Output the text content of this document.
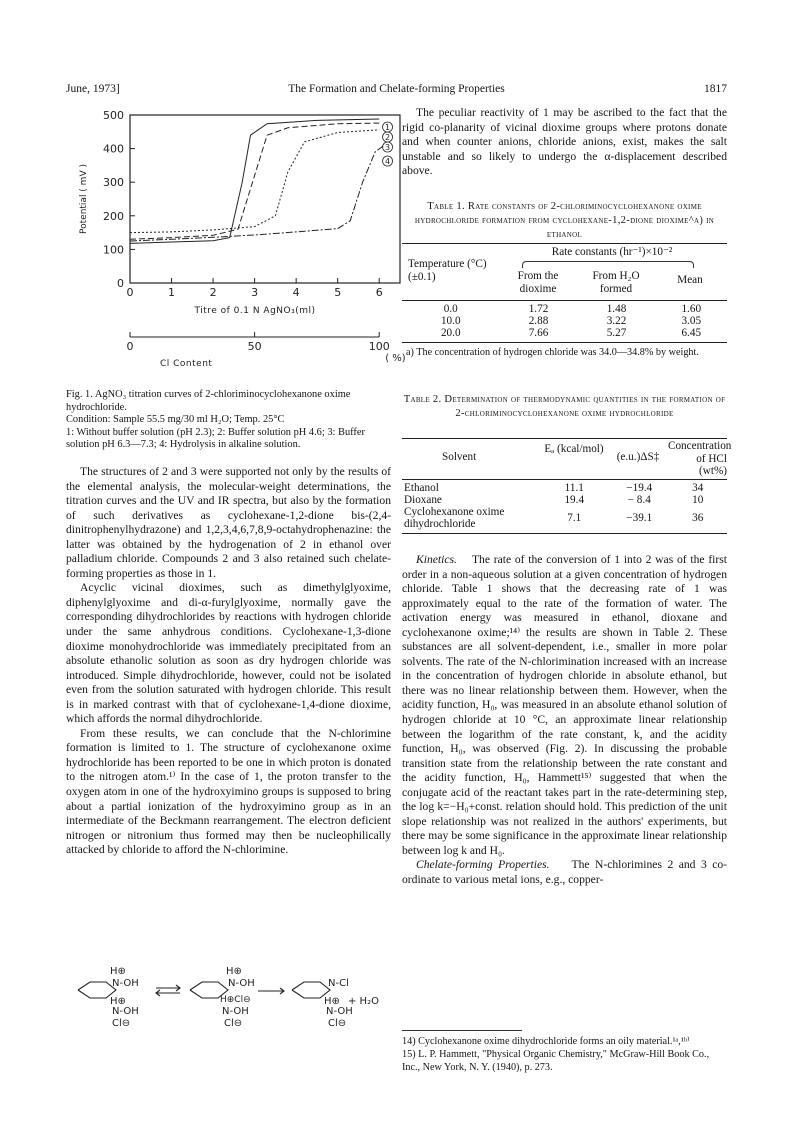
June, 1973]	The Formation and Chelate-forming Properties	1817
0
100
200
300
400
500
0	1	2	3	4	5	6
Potential ( mV )
Titre of 0.1 N AgNO₃(ml)
1
2
3
4
0	50	100
Cl Content	( %)
Fig. 1. AgNO₃ titration curves of 2-chloriminocyclohexanone oxime hydrochloride.
Condition: Sample 55.5 mg/30 ml H₂O; Temp. 25°C
1: Without buffer solution (pH 2.3); 2: Buffer solution pH 4.6; 3: Buffer solution pH 6.3—7.3; 4: Hydrolysis in alkaline solution.

The structures of 2 and 3 were supported not only by the results of the elemental analysis, the molecular-weight determinations, the titration curves and the UV and IR spectra, but also by the formation of such derivatives as cyclohexane-1,2-dione bis-(2,4-dinitrophenylhydrazone) and 1,2,3,4,6,7,8,9-octahydrophenazine: the latter was obtained by the hydrogenation of 2 in ethanol over palladium chloride. Compounds 2 and 3 also retained such chelate-forming properties as those in 1.

Acyclic vicinal dioximes, such as dimethylglyoxime, diphenylglyoxime and di-α-furylglyoxime, normally gave the corresponding dihydrochlorides by reactions with hydrogen chloride under the same anhydrous conditions. Cyclohexane-1,3-dione dioxime monohydrochloride was immediately precipitated from an absolute ethanolic solution as soon as dry hydrogen chloride was introduced. Simple dihydrochloride, however, could not be isolated even from the solution saturated with hydrogen chloride. This result is in marked contrast with that of cyclohexane-1,4-dione dioxime, which affords the normal dihydrochloride.

From these results, we can conclude that the N-chlorimine formation is limited to 1. The structure of cyclohexanone oxime hydrochloride has been reported to be one in which proton is donated to the nitrogen atom.¹⁾ In the case of 1, the proton transfer to the oxygen atom in one of the hydroxyimino groups is supposed to bring about a partial ionization of the hydroxyimino group as in an intermediate of the Beckmann rearrangement. The electron deficient nitrogen or nitronium thus formed may then be nucleophilically attacked by chloride to afford the N-chlorimine.

H⊕
N-OH
H⊕
N-OH
Cl⊖
H⊕
N-OH
H⊕Cl⊖
N-OH
Cl⊖
N-Cl
H⊕ + H₂O
N-OH
Cl⊖

The peculiar reactivity of 1 may be ascribed to the fact that the rigid co-planarity of vicinal dioxime groups where protons donate and when counter anions, chloride anions, exist, makes the salt unstable and so likely to undergo the α-displacement described above.

Table 1. Rate constants of 2-chloriminocyclohexanone oxime hydrochloride formation from cyclohexane-1,2-dione dioxime^a) in ethanol
Temperature (°C) (±0.1)
Rate constants (hr⁻¹)×10⁻²
From the dioxime
From H₂O formed
Mean
0.0	1.72	1.48	1.60
10.0	2.88	3.22	3.05
20.0	7.66	5.27	6.45
a) The concentration of hydrogen chloride was 34.0—34.8% by weight.
Table 2. Determination of thermodynamic quantities in the formation of 2-chloriminocyclohexanone oxime hydrochloride
Solvent
Eₐ (kcal/mol)
(e.u.)ΔS‡
Concentration of HCl (wt%)
Ethanol	11.1	−19.4	34
Dioxane	19.4	− 8.4	10
Cyclohexanone oxime dihydrochloride	7.1	−39.1	36

Kinetics. The rate of the conversion of 1 into 2 was of the first order in a non-aqueous solution at a given concentration of hydrogen chloride. Table 1 shows that the decreasing rate of 1 was approximately equal to the rate of the formation of water. The activation energy was measured in ethanol, dioxane and cyclohexanone oxime;¹⁴⁾ the results are shown in Table 2. These substances are all solvent-dependent, i.e., smaller in more polar solvents. The rate of the N-chlorimination increased with an increase in the concentration of hydrogen chloride in absolute ethanol, but there was no linear relationship between them. However, when the acidity function, H₀, was measured in an absolute ethanol solution of hydrogen chloride at 10 °C, an approximate linear relationship between the logarithm of the rate constant, k, and the acidity function, H₀, was observed (Fig. 2). In discussing the probable transition state from the relationship between the rate constant and the acidity function, H₀, Hammett¹⁵⁾ suggested that when the conjugate acid of the reactant takes part in the rate-determining step, the log k=−H₀+const. relation should hold. This prediction of the unit slope relationship was not realized in the authors' experiments, but there may be some significance in the approximate linear relationship between log k and H₀.

Chelate-forming Properties. The N-chlorimines 2 and 3 co-ordinate to various metal ions, e.g., copper-

14) Cyclohexanone oxime dihydrochloride forms an oily material.¹ᵃ,¹ᵇ⁾
15) L. P. Hammett, "Physical Organic Chemistry," McGraw-Hill Book Co., Inc., New York, N. Y. (1940), p. 273.
